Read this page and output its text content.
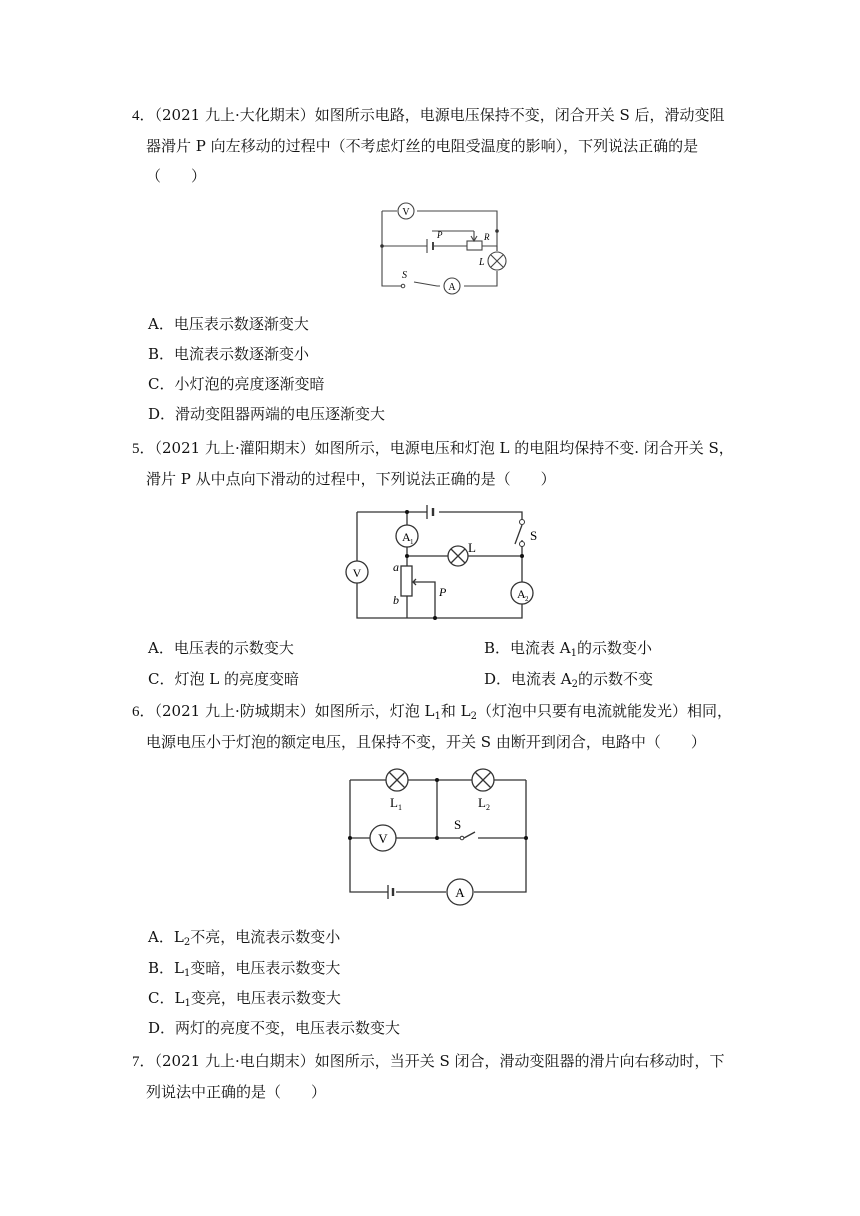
4．（2021 九上·大化期末）如图所示电路，电源电压保持不变，闭合开关 S 后，滑动变阻

器滑片 P 向左移动的过程中（不考虑灯丝的电阻受温度的影响），下列说法正确的是

（　　）

V
A
S
P	R
L
A．电压表示数逐渐变大
B．电流表示数逐渐变小
C．小灯泡的亮度逐渐变暗
D．滑动变阻器两端的电压逐渐变大

5．（2021 九上·灌阳期末）如图所示，电源电压和灯泡 L 的电阻均保持不变. 闭合开关 S，

滑片 P 从中点向下滑动的过程中，下列说法正确的是（　　）

S
A 1	L
V	a
b
P	A 2
A．电压表的示数变大	B．电流表 $A_1$的示数变小
C．灯泡 L 的亮度变暗	D．电流表 $A_2$的示数不变

6．（2021 九上·防城期末）如图所示，灯泡 $L_1$和 $L_2$（灯泡中只要有电流就能发光）相同，

电源电压小于灯泡的额定电压，且保持不变，开关 S 由断开到闭合，电路中（　　）

L 1	L 2
V
S
A
A．$L_2$不亮，电流表示数变小
B．$L_1$变暗，电压表示数变大
C．$L_1$变亮，电压表示数变大
D．两灯的亮度不变，电压表示数变大

7．（2021 九上·电白期末）如图所示，当开关 S 闭合，滑动变阻器的滑片向右移动时，下

列说法中正确的是（　　）
